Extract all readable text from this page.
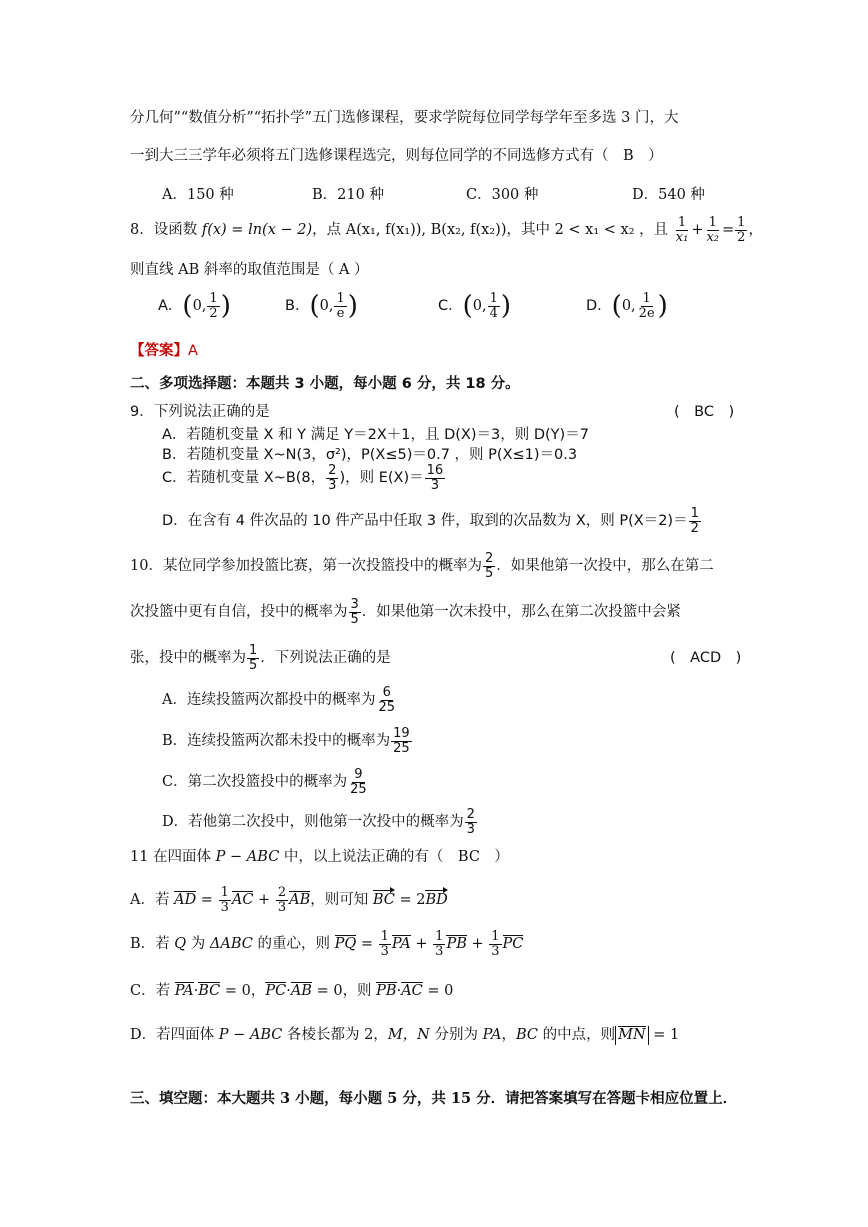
分几何”“数值分析”“拓扑学”五门选修课程，要求学院每位同学每学年至多选 3 门，大
一到大三三学年必须将五门选修课程选完，则每位同学的不同选修方式有（　B　）
A．150 种	B．210 种	C．300 种	D．540 种
8．设函数 f(x) = ln(x − 2)，点 A(x₁, f(x₁)), B(x₂, f(x₂))，其中 2 < x₁ < x₂ ，且 $\frac{1}{\text{x₁}} + \frac{1}{\text{x₂}} = \frac{1}{2}$ ，
则直线 AB 斜率的取值范围是（ A ）
A．(0, $\frac{1}{2}$ )	B．(0, $\frac{1}{e}$ )	C．(0, $\frac{1}{4}$ )	D．(0, $\frac{1}{2e}$ )
【答案】A
二、多项选择题：本题共 3 小题，每小题 6 分，共 18 分。
9．下列说法正确的是	(　BC　)
A．若随机变量 X 和 Y 满足 Y＝2X＋1，且 D(X)＝3，则 D(Y)＝7
B．若随机变量 X~N(3，σ²)，P(X≤5)＝0.7 ，则 P(X≤1)＝0.3
C．若随机变量 X~B(8， $\frac{2}{3}$ )，则 $E(X)= \frac{16}{3}$
D．在含有 4 件次品的 10 件产品中任取 3 件，取到的次品数为 X，则 $P(X=2)= \frac{1}{2}$
10．某位同学参加投篮比赛，第一次投篮投中的概率为 $\frac{2}{5}$ ．如果他第一次投中，那么在第二
次投篮中更有自信，投中的概率为 $\frac{3}{5}$ ．如果他第一次未投中，那么在第二次投篮中会紧
张，投中的概率为 $\frac{1}{5}$ ．下列说法正确的是	(　ACD　)
A．连续投篮两次都投中的概率为 $\frac{6}{25}$
B．连续投篮两次都未投中的概率为 $\frac{19}{25}$
C．第二次投篮投中的概率为 $\frac{9}{25}$
D．若他第二次投中，则他第一次投中的概率为 $\frac{2}{3}$
11 在四面体 P − ABC 中，以上说法正确的有（　BC　）
A．若 AD = $\frac{1}{3}$ AC + $\frac{2}{3}$ AB，则可知 BC = 2BD
B．若 Q 为 ΔABC 的重心，则 PQ = $\frac{1}{3}$ PA + $\frac{1}{3}$ PB + $\frac{1}{3}$ PC
C．若 PA·BC = 0，PC·AB = 0，则 PB·AC = 0
D．若四面体 P − ABC 各棱长都为 2，M，N 分别为 PA，BC 的中点，则 MN = 1
三、填空题：本大题共 3 小题，每小题 5 分，共 15 分．请把答案填写在答题卡相应位置上．
